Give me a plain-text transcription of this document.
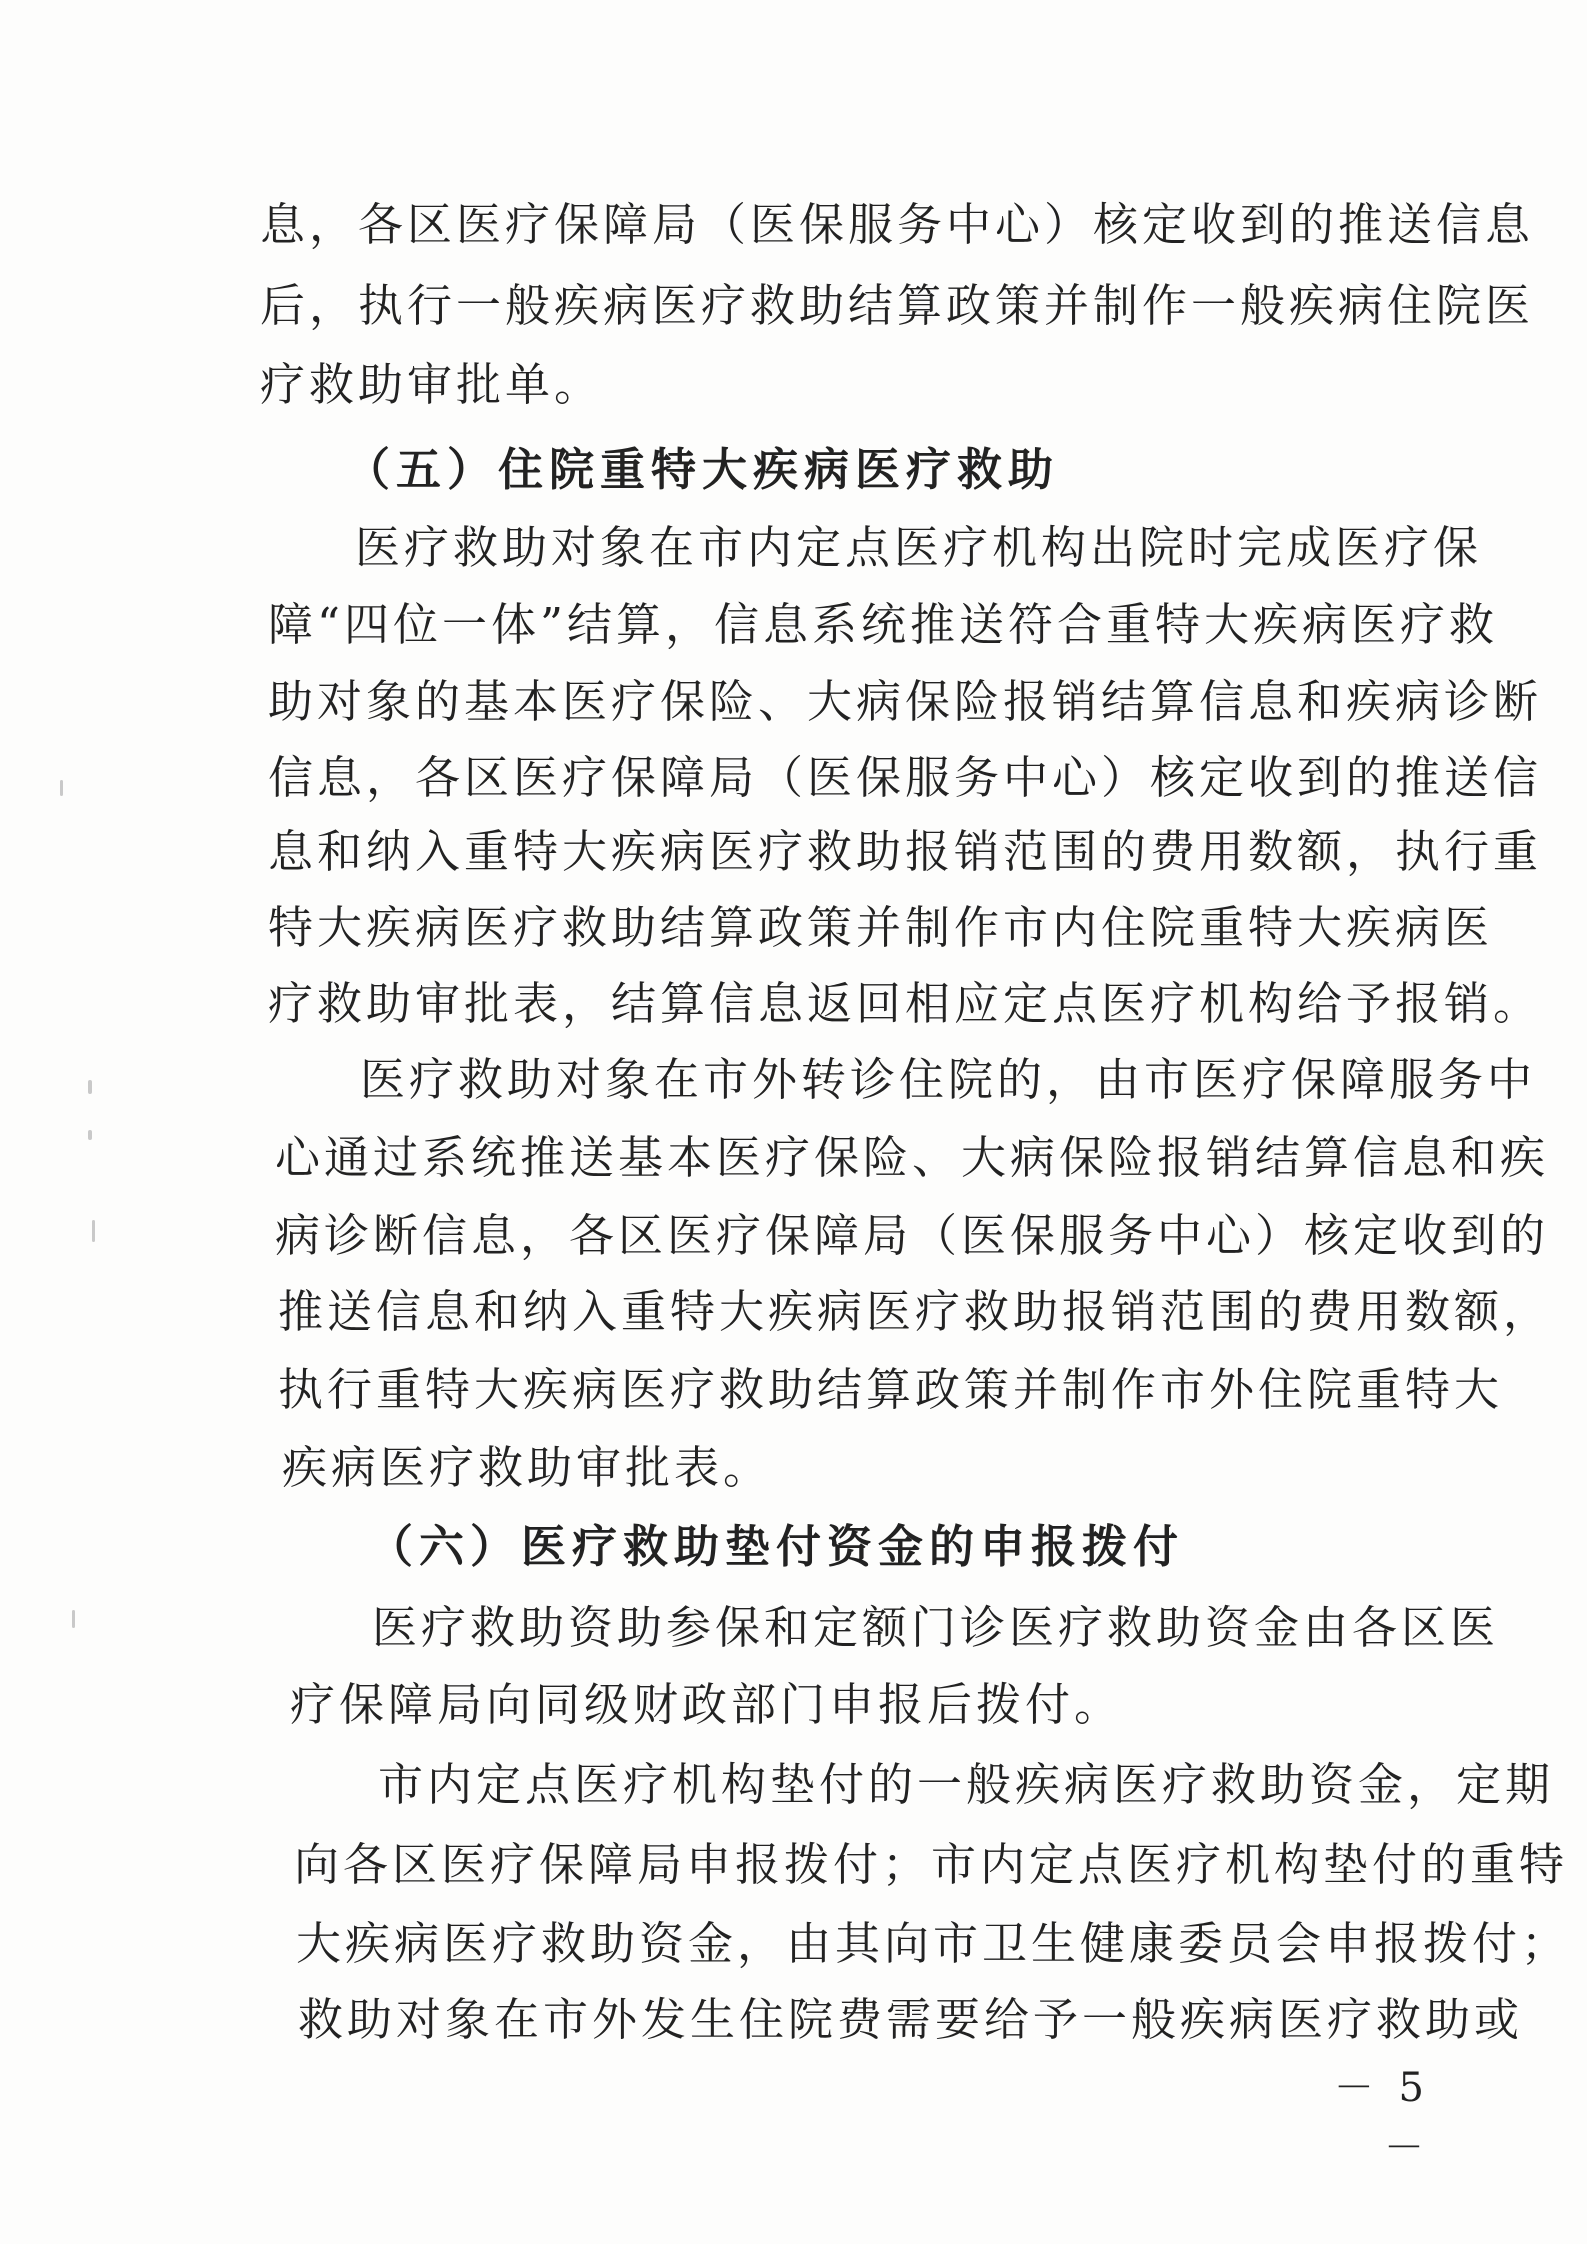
息，各区医疗保障局（医保服务中心）核定收到的推送信息
后，执行一般疾病医疗救助结算政策并制作一般疾病住院医
疗救助审批单。
（五）住院重特大疾病医疗救助
医疗救助对象在市内定点医疗机构出院时完成医疗保
障“四位一体”结算，信息系统推送符合重特大疾病医疗救
助对象的基本医疗保险、大病保险报销结算信息和疾病诊断
信息，各区医疗保障局（医保服务中心）核定收到的推送信
息和纳入重特大疾病医疗救助报销范围的费用数额，执行重
特大疾病医疗救助结算政策并制作市内住院重特大疾病医
疗救助审批表，结算信息返回相应定点医疗机构给予报销。
医疗救助对象在市外转诊住院的，由市医疗保障服务中
心通过系统推送基本医疗保险、大病保险报销结算信息和疾
病诊断信息，各区医疗保障局（医保服务中心）核定收到的
推送信息和纳入重特大疾病医疗救助报销范围的费用数额，
执行重特大疾病医疗救助结算政策并制作市外住院重特大
疾病医疗救助审批表。
（六）医疗救助垫付资金的申报拨付
医疗救助资助参保和定额门诊医疗救助资金由各区医
疗保障局向同级财政部门申报后拨付。
市内定点医疗机构垫付的一般疾病医疗救助资金，定期
向各区医疗保障局申报拨付；市内定点医疗机构垫付的重特
大疾病医疗救助资金，由其向市卫生健康委员会申报拨付；
救助对象在市外发生住院费需要给予一般疾病医疗救助或
－ 5 －
